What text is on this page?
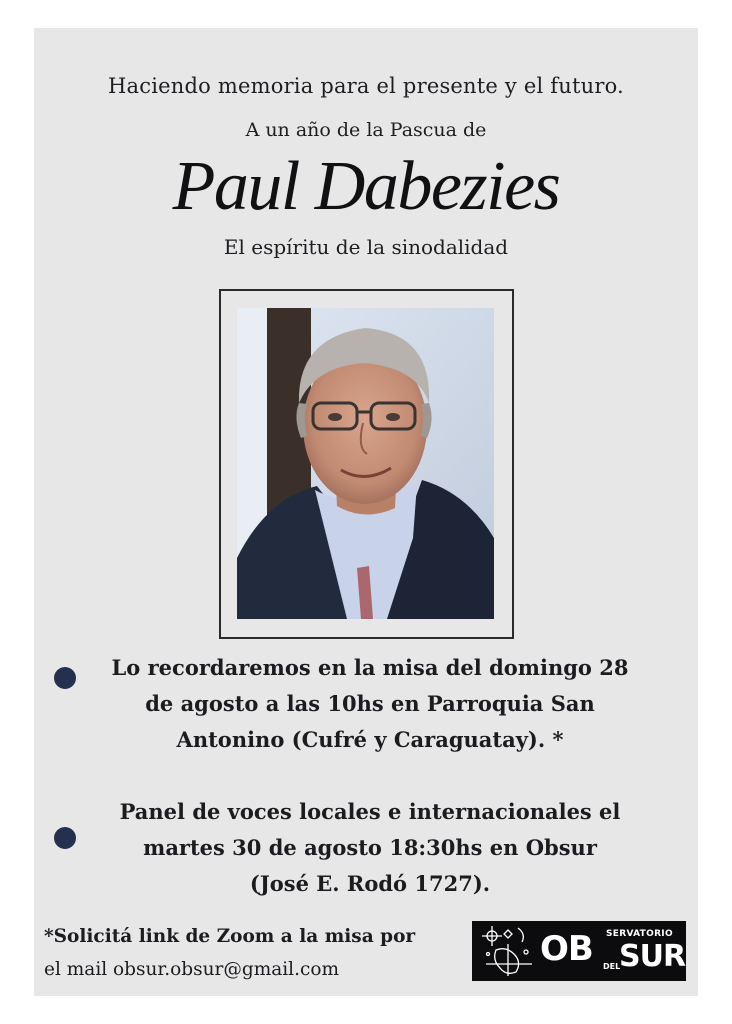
Haciendo memoria para el presente y el futuro.
A un año de la Pascua de
Paul Dabezies
El espíritu de la sinodalidad
Lo recordaremos en la misa del domingo 28
de agosto a las 10hs en Parroquia San
Antonino (Cufré y Caraguatay). *
Panel de voces locales e internacionales el
martes 30 de agosto 18:30hs en Obsur
(José E. Rodó 1727).
*Solicitá link de Zoom a la misa por
el mail obsur.obsur@gmail.com
OB SERVATORIO
SUR
DEL
